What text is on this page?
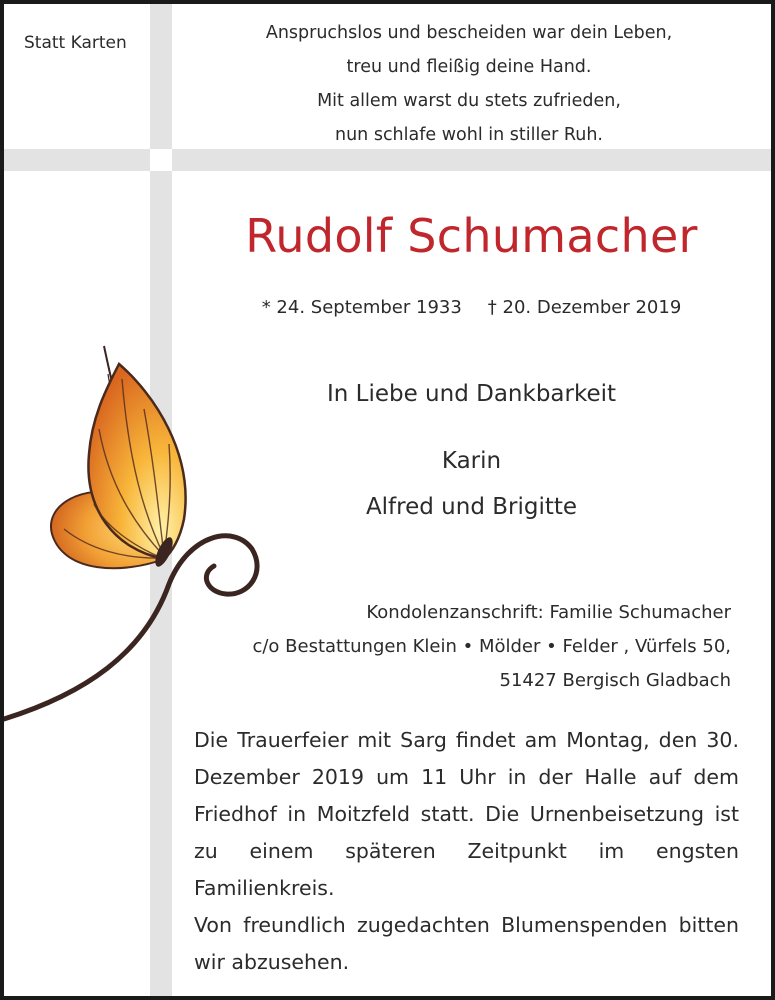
Statt Karten	Anspruchslos und bescheiden war dein Leben,
treu und fleißig deine Hand.
Mit allem warst du stets zufrieden,
nun schlafe wohl in stiller Ruh.
Rudolf Schumacher
* 24. September 1933 † 20. Dezember 2019
In Liebe und Dankbarkeit
Karin
Alfred und Brigitte
Kondolenzanschrift: Familie Schumacher
c/o Bestattungen Klein • Mölder • Felder , Vürfels 50,
51427 Bergisch Gladbach
Die Trauerfeier mit Sarg findet am Montag, den 30. Dezember 2019 um 11 Uhr in der Halle auf dem Friedhof in Moitzfeld statt. Die Urnenbeisetzung ist zu einem späteren Zeitpunkt im engsten Familienkreis.
Von freundlich zugedachten Blumenspenden bitten wir abzusehen.
